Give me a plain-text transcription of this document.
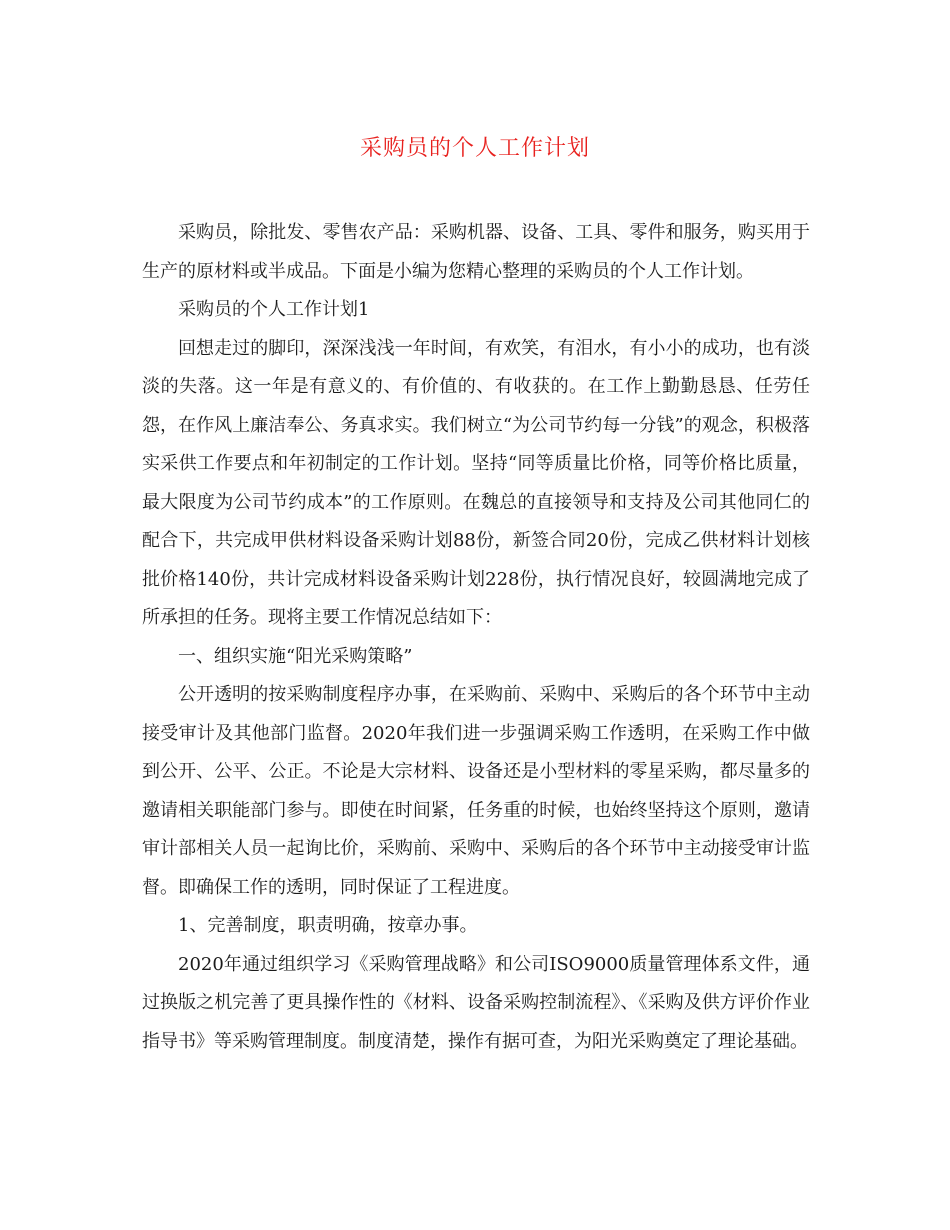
采购员的个人工作计划

采购员，除批发、零售农产品：采购机器、设备、工具、零件和服务，购买用于生产的原材料或半成品。下面是小编为您精心整理的采购员的个人工作计划。

采购员的个人工作计划1

回想走过的脚印，深深浅浅一年时间，有欢笑，有泪水，有小小的成功，也有淡淡的失落。这一年是有意义的、有价值的、有收获的。在工作上勤勤恳恳、任劳任怨，在作风上廉洁奉公、务真求实。我们树立“为公司节约每一分钱”的观念，积极落实采供工作要点和年初制定的工作计划。坚持“同等质量比价格，同等价格比质量，最大限度为公司节约成本”的工作原则。在魏总的直接领导和支持及公司其他同仁的配合下，共完成甲供材料设备采购计划88份，新签合同20份，完成乙供材料计划核批价格140份，共计完成材料设备采购计划228份，执行情况良好，较圆满地完成了所承担的任务。现将主要工作情况总结如下：

一、组织实施“阳光采购策略”

公开透明的按采购制度程序办事，在采购前、采购中、采购后的各个环节中主动接受审计及其他部门监督。2020年我们进一步强调采购工作透明，在采购工作中做到公开、公平、公正。不论是大宗材料、设备还是小型材料的零星采购，都尽量多的邀请相关职能部门参与。即使在时间紧，任务重的时候，也始终坚持这个原则，邀请审计部相关人员一起询比价，采购前、采购中、采购后的各个环节中主动接受审计监督。即确保工作的透明，同时保证了工程进度。

1、完善制度，职责明确，按章办事。

2020年通过组织学习《采购管理战略》和公司ISO9000质量管理体系文件，通过换版之机完善了更具操作性的《材料、设备采购控制流程》、《采购及供方评价作业指导书》等采购管理制度。制度清楚，操作有据可查，为阳光采购奠定了理论基础。
